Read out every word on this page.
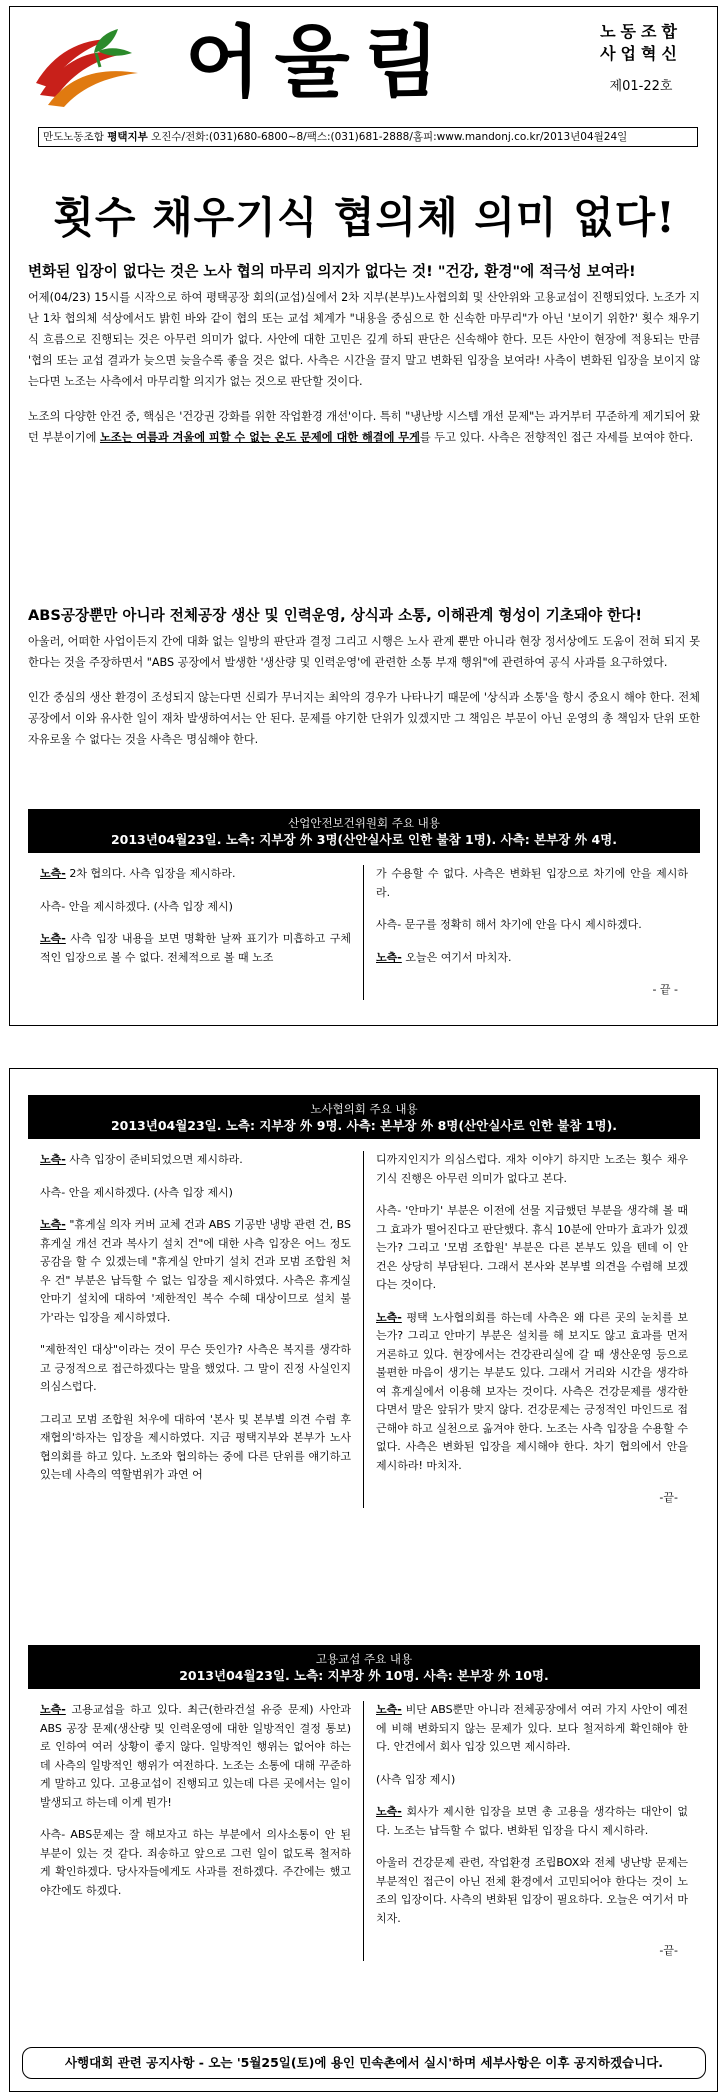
어울림	노동조합
사업혁신
제01-22호
만도노동조합 평택지부 오진수/전화:(031)680-6800~8/팩스:(031)681-2888/홈피:www.mandonj.co.kr/2013년04월24일
횟수 채우기식 협의체 의미 없다!
변화된 입장이 없다는 것은 노사 협의 마무리 의지가 없다는 것! "건강, 환경"에 적극성 보여라!

어제(04/23) 15시를 시작으로 하여 평택공장 회의(교섭)실에서 2차 지부(본부)노사협의회 및 산안위와 고용교섭이 진행되었다. 노조가 지난 1차 협의체 석상에서도 밝힌 바와 같이 협의 또는 교섭 체계가 "내용을 중심으로 한 신속한 마무리"가 아닌 '보이기 위한?' 횟수 채우기식 흐름으로 진행되는 것은 아무런 의미가 없다. 사안에 대한 고민은 깊게 하되 판단은 신속해야 한다. 모든 사안이 현장에 적용되는 만큼 '협의 또는 교섭 결과가 늦으면 늦을수록 좋을 것은 없다. 사측은 시간을 끌지 말고 변화된 입장을 보여라! 사측이 변화된 입장을 보이지 않는다면 노조는 사측에서 마무리할 의지가 없는 것으로 판단할 것이다.

노조의 다양한 안건 중, 핵심은 '건강권 강화를 위한 작업환경 개선'이다. 특히 "냉난방 시스템 개선 문제"는 과거부터 꾸준하게 제기되어 왔던 부분이기에 노조는 여름과 겨울에 피할 수 없는 온도 문제에 대한 해결에 무게를 두고 있다. 사측은 전향적인 접근 자세를 보여야 한다.

ABS공장뿐만 아니라 전체공장 생산 및 인력운영, 상식과 소통, 이해관계 형성이 기초돼야 한다!

아울러, 어떠한 사업이든지 간에 대화 없는 일방의 판단과 결정 그리고 시행은 노사 관계 뿐만 아니라 현장 정서상에도 도움이 전혀 되지 못한다는 것을 주장하면서 "ABS 공장에서 발생한 '생산량 및 인력운영'에 관련한 소통 부재 행위"에 관련하여 공식 사과를 요구하였다.

인간 중심의 생산 환경이 조성되지 않는다면 신뢰가 무너지는 최악의 경우가 나타나기 때문에 '상식과 소통'을 항시 중요시 해야 한다. 전체 공장에서 이와 유사한 일이 재차 발생하여서는 안 된다. 문제를 야기한 단위가 있겠지만 그 책임은 부문이 아닌 운영의 총 책임자 단위 또한 자유로울 수 없다는 것을 사측은 명심해야 한다.

산업안전보건위원회 주요 내용
2013년04월23일. 노측: 지부장 外 3명(산안실사로 인한 불참 1명). 사측: 본부장 外 4명.

노측- 2차 협의다. 사측 입장을 제시하라.

사측- 안을 제시하겠다. (사측 입장 제시)

노측- 사측 입장 내용을 보면 명확한 날짜 표기가 미흡하고 구체적인 입장으로 볼 수 없다. 전체적으로 볼 때 노조

가 수용할 수 없다. 사측은 변화된 입장으로 차기에 안을 제시하라.

사측- 문구를 정확히 해서 차기에 안을 다시 제시하겠다.

노측- 오늘은 여기서 마치자.

- 끝 -

노사협의회 주요 내용
2013년04월23일. 노측: 지부장 外 9명. 사측: 본부장 外 8명(산안실사로 인한 불참 1명).

노측- 사측 입장이 준비되었으면 제시하라.

사측- 안을 제시하겠다. (사측 입장 제시)

노측- "휴게실 의자 커버 교체 건과 ABS 기공반 냉방 관련 건, BS 휴게실 개선 건과 복사기 설치 건"에 대한 사측 입장은 어느 정도 공감을 할 수 있겠는데 "휴게실 안마기 설치 건과 모범 조합원 처우 건" 부분은 납득할 수 없는 입장을 제시하였다. 사측은 휴게실 안마기 설치에 대하여 '제한적인 복수 수혜 대상이므로 설치 불가'라는 입장을 제시하였다.

"제한적인 대상"이라는 것이 무슨 뜻인가? 사측은 복지를 생각하고 긍정적으로 접근하겠다는 말을 했었다. 그 말이 진정 사실인지 의심스럽다.

그리고 모범 조합원 처우에 대하여 '본사 및 본부별 의견 수렴 후 재협의'하자는 입장을 제시하였다. 지금 평택지부와 본부가 노사협의회를 하고 있다. 노조와 협의하는 중에 다른 단위를 얘기하고 있는데 사측의 역할범위가 과연 어

디까지인지가 의심스럽다. 재차 이야기 하지만 노조는 횟수 채우기식 진행은 아무런 의미가 없다고 본다.

사측- '안마기' 부분은 이전에 선물 지급했던 부분을 생각해 볼 때 그 효과가 떨어진다고 판단했다. 휴식 10분에 안마가 효과가 있겠는가? 그리고 '모범 조합원' 부분은 다른 본부도 있을 텐데 이 안건은 상당히 부담된다. 그래서 본사와 본부별 의견을 수렴해 보겠다는 것이다.

노측- 평택 노사협의회를 하는데 사측은 왜 다른 곳의 눈치를 보는가? 그리고 안마기 부분은 설치를 해 보지도 않고 효과를 먼저 거론하고 있다. 현장에서는 건강관리실에 갈 때 생산운영 등으로 불편한 마음이 생기는 부분도 있다. 그래서 거리와 시간을 생각하여 휴게실에서 이용해 보자는 것이다. 사측은 건강문제를 생각한다면서 말은 앞뒤가 맞지 않다. 건강문제는 긍정적인 마인드로 접근해야 하고 실천으로 옮겨야 한다. 노조는 사측 입장을 수용할 수 없다. 사측은 변화된 입장을 제시해야 한다. 차기 협의에서 안을 제시하라! 마치자.

-끝-

고용교섭 주요 내용
2013년04월23일. 노측: 지부장 外 10명. 사측: 본부장 外 10명.

노측- 고용교섭을 하고 있다. 최근(한라건설 유증 문제) 사안과 ABS 공장 문제(생산량 및 인력운영에 대한 일방적인 결정 통보)로 인하여 여러 상황이 좋지 않다. 일방적인 행위는 없어야 하는데 사측의 일방적인 행위가 여전하다. 노조는 소통에 대해 꾸준하게 말하고 있다. 고용교섭이 진행되고 있는데 다른 곳에서는 일이 발생되고 하는데 이게 뭔가!

사측- ABS문제는 잘 해보자고 하는 부분에서 의사소통이 안 된 부분이 있는 것 같다. 죄송하고 앞으로 그런 일이 없도록 철저하게 확인하겠다. 당사자들에게도 사과를 전하겠다. 주간에는 했고 야간에도 하겠다.

노측- 비단 ABS뿐만 아니라 전체공장에서 여러 가지 사안이 예전에 비해 변화되지 않는 문제가 있다. 보다 철저하게 확인해야 한다. 안건에서 회사 입장 있으면 제시하라.

(사측 입장 제시)

노측- 회사가 제시한 입장을 보면 총 고용을 생각하는 대안이 없다. 노조는 납득할 수 없다. 변화된 입장을 다시 제시하라.

아울러 건강문제 관련, 작업환경 조립BOX와 전체 냉난방 문제는 부분적인 접근이 아닌 전체 환경에서 고민되어야 한다는 것이 노조의 입장이다. 사측의 변화된 입장이 필요하다. 오늘은 여기서 마치자.

-끝-

사행대회 관련 공지사항 - 오는 '5월25일(토)에 용인 민속촌에서 실시'하며 세부사항은 이후 공지하겠습니다.
